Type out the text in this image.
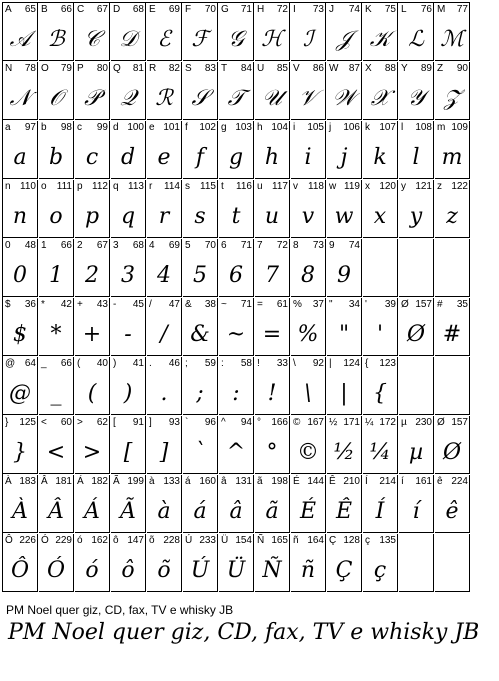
A 65
𝒜
B 66
ℬ
C 67
𝒞
D 68
𝒟
E 69
ℰ
F 70
ℱ
G 71
𝒢
H 72
ℋ
I 73
ℐ
J 74
𝒥
K 75
𝒦
L 76
ℒ
M 77
ℳ
N 78
𝒩
O 79
𝒪
P 80
𝒫
Q 81
𝒬
R 82
ℛ
S 83
𝒮
T 84
𝒯
U 85
𝒰
V 86
𝒱
W 87
𝒲
X 88
𝒳
Y 89
𝒴
Z 90
𝒵
a 97
a
b 98
b
c 99
c
d 100
d
e 101
e
f 102
f
g 103
g
h 104
h
i 105
i
j 106
j
k 107
k
l 108
l
m 109
m
n 110
n
o 111
o
p 112
p
q 113
q
r 114
r
s 115
s
t 116
t
u 117
u
v 118
v
w 119
w
x 120
x
y 121
y
z 122
z
0 48
0
1 66
1
2 67
2
3 68
3
4 69
4
5 70
5
6 71
6
7 72
7
8 73
8
9 74
9
$ 36
$
* 42
*
+ 43
+
- 45
-
/ 47
/
& 38
&
~ 71
~
= 61
=
% 37
%
" 34
"
' 39
'
Ø 157
Ø
# 35
#
@ 64
@
_ 66
_
( 40
(
) 41
)
. 46
.
; 59
;
: 58
:
! 33
!
\ 92
\
| 124
|
{ 123
{
} 125
}
< 60
<
> 62
>
[ 91
[
] 93
]
` 96
`
^ 94
^
° 166
°
© 167
©
½ 171
½
¼ 172
¼
µ 230
µ
Ø 157
Ø
À 183
À
Â 181
Â
Á 182
Á
Ã 199
Ã
à 133
à
á 160
á
â 131
â
ã 198
ã
É 144
É
Ê 210
Ê
Í 214
Í
í 161
í
ê 224
ê
Ô 226
Ô
Ó 229
Ó
ó 162
ó
ô 147
ô
õ 228
õ
Ú 233
Ú
Ü 154
Ü
Ñ 165
Ñ
ñ 164
ñ
Ç 128
Ç
ç 135
ç
PM Noel quer giz, CD, fax, TV e whisky JB
PM Noel quer giz, CD, fax, TV e whisky JB
